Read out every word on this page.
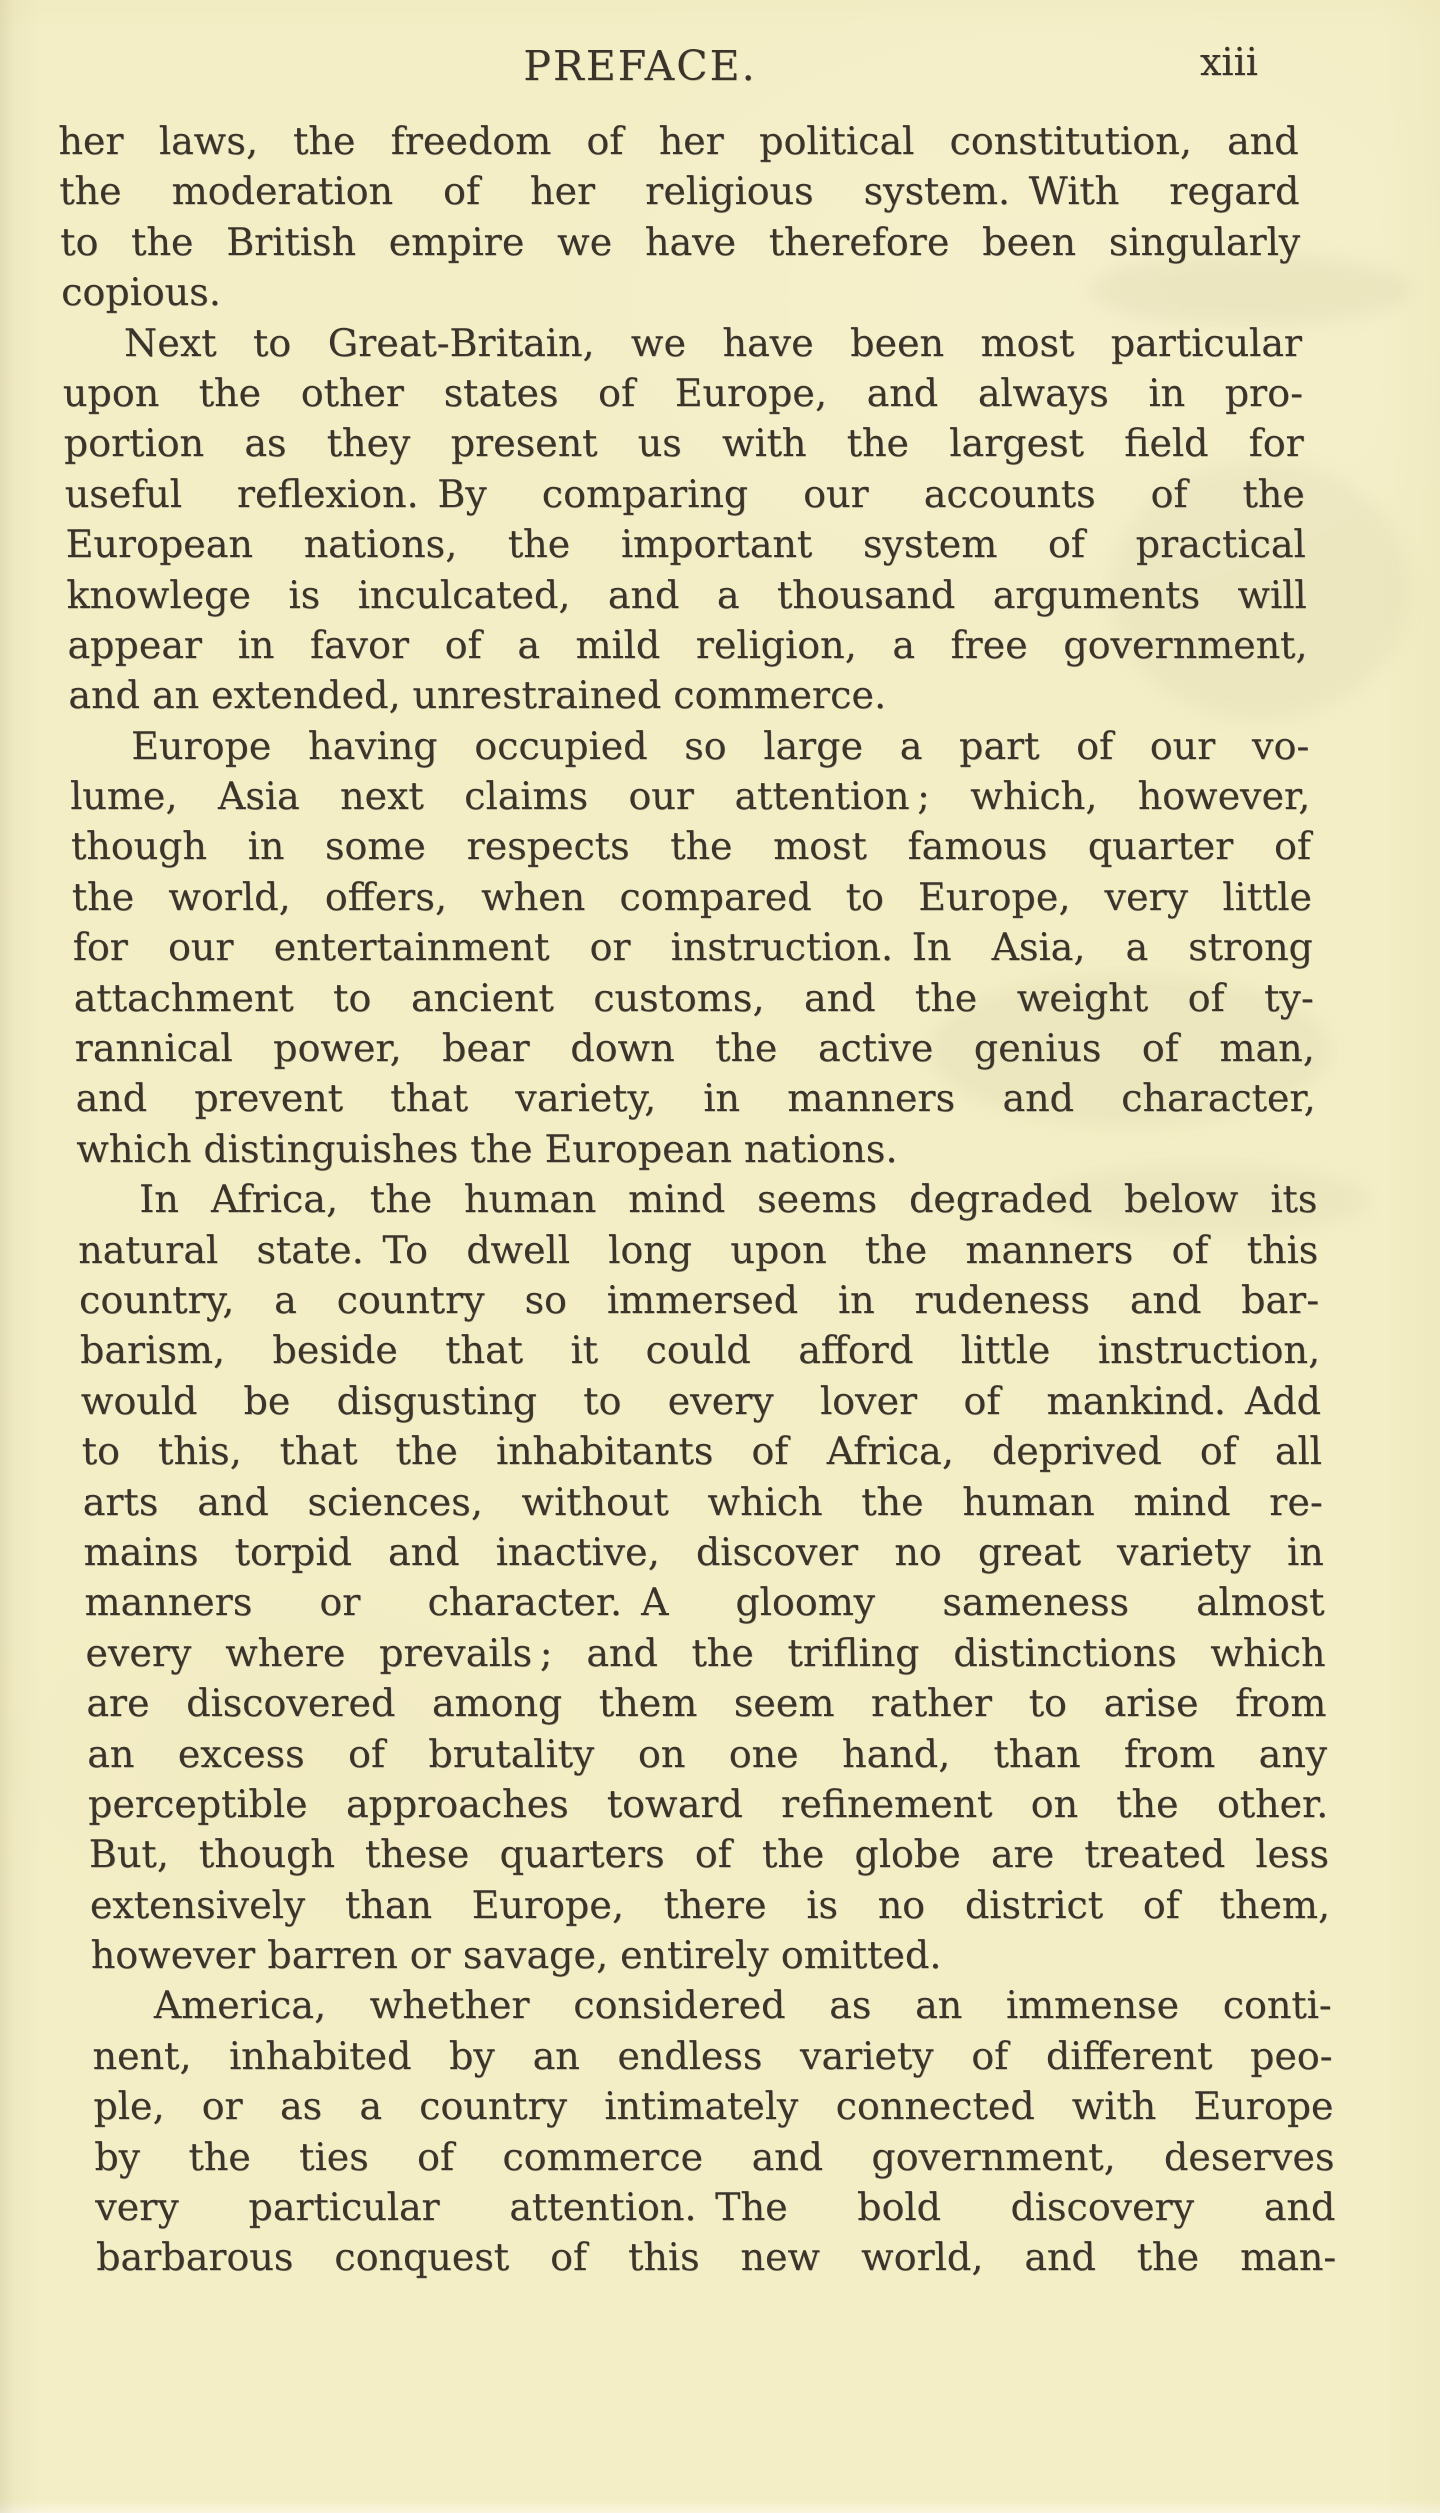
PREFACE.	xiii
her laws, the freedom of her political constitution, and
the moderation of her religious system. With regard
to the British empire we have therefore been singularly
copious.
Next to Great-Britain, we have been most particular
upon the other states of Europe, and always in pro-
portion as they present us with the largest field for
useful reflexion. By comparing our accounts of the
European nations, the important system of practical
knowlege is inculcated, and a thousand arguments will
appear in favor of a mild religion, a free government,
and an extended, unrestrained commerce.
Europe having occupied so large a part of our vo-
lume, Asia next claims our attention ; which, however,
though in some respects the most famous quarter of
the world, offers, when compared to Europe, very little
for our entertainment or instruction. In Asia, a strong
attachment to ancient customs, and the weight of ty-
rannical power, bear down the active genius of man,
and prevent that variety, in manners and character,
which distinguishes the European nations.
In Africa, the human mind seems degraded below its
natural state. To dwell long upon the manners of this
country, a country so immersed in rudeness and bar-
barism, beside that it could afford little instruction,
would be disgusting to every lover of mankind. Add
to this, that the inhabitants of Africa, deprived of all
arts and sciences, without which the human mind re-
mains torpid and inactive, discover no great variety in
manners or character. A gloomy sameness almost
every where prevails ; and the trifling distinctions which
are discovered among them seem rather to arise from
an excess of brutality on one hand, than from any
perceptible approaches toward refinement on the other.
But, though these quarters of the globe are treated less
extensively than Europe, there is no district of them,
however barren or savage, entirely omitted.
America, whether considered as an immense conti-
nent, inhabited by an endless variety of different peo-
ple, or as a country intimately connected with Europe
by the ties of commerce and government, deserves
very particular attention. The bold discovery and
barbarous conquest of this new world, and the man-
